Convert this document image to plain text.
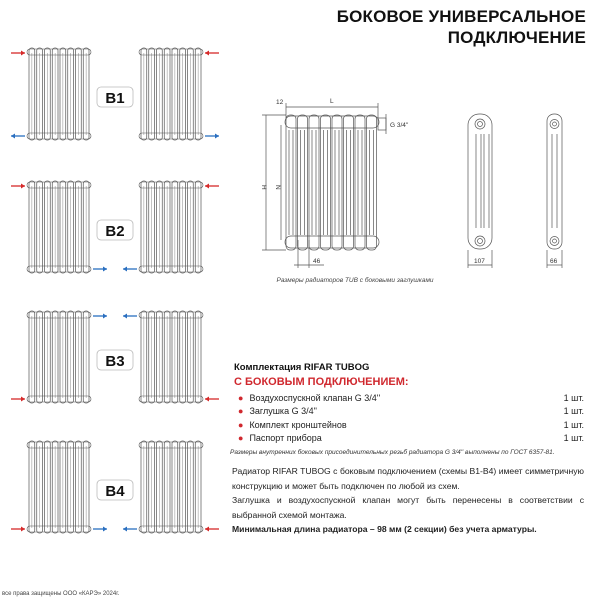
БОКОВОЕ УНИВЕРСАЛЬНОЕ
ПОДКЛЮЧЕНИЕ
B1
B2
B3
B4
12	L
H N
G 3/4''
46	107	66
Размеры радиаторов TUB с боковыми заглушками
Комплектация RIFAR TUBOG
С БОКОВЫМ ПОДКЛЮЧЕНИЕМ:
● Воздухоспускной клапан G 3/4''	1 шт.
● Заглушка G 3/4''	1 шт.
● Комплект кронштейнов	1 шт.
● Паспорт прибора	1 шт.
Размеры внутренних боковых присоединительных резьб радиатора G 3/4'' выполнены по ГОСТ 6357-81.

Радиатор RIFAR TUBOG с боковым подключением (схемы B1-B4) имеет симметричную конструкцию и может быть подключен по любой из схем.

Заглушка и воздухоспускной клапан могут быть перенесены в соответствии с выбранной схемой монтажа.

Минимальная длина радиатора – 98 мм (2 секции) без учета арматуры.

все права защищены ООО «КАРЭ» 2024г.
